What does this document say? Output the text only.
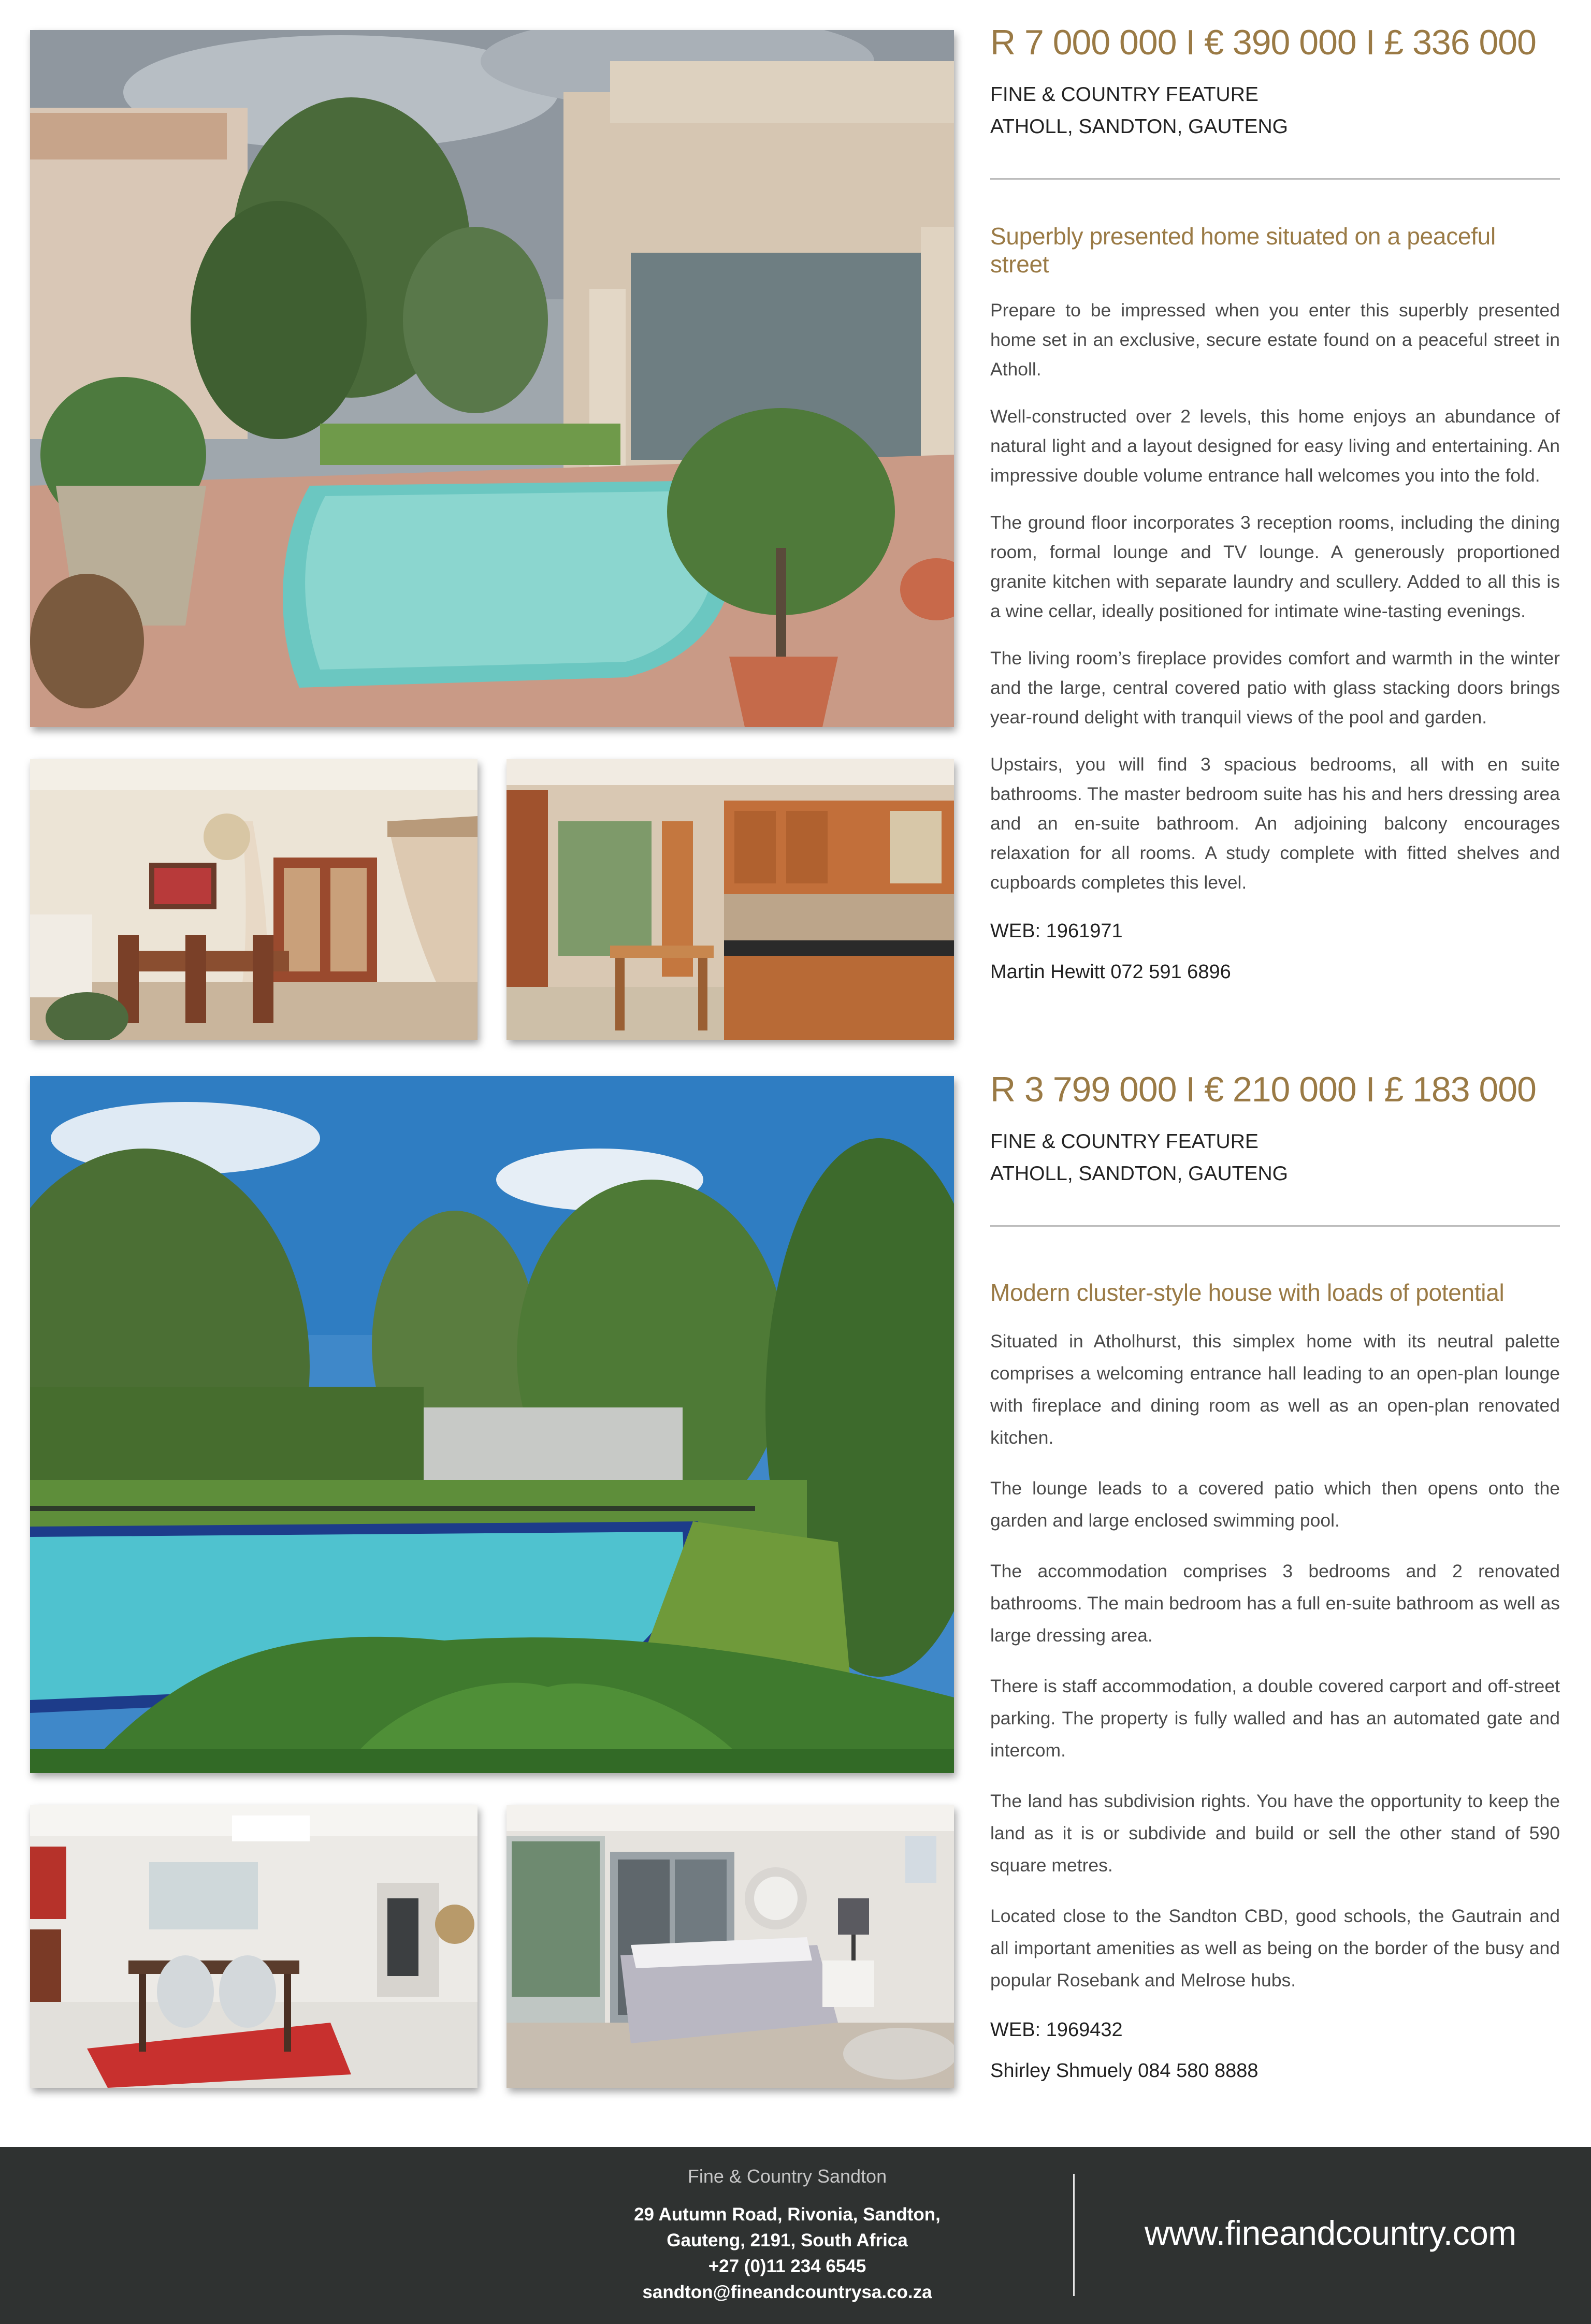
R 7 000 000 I € 390 000 I £ 336 000
FINE & COUNTRY FEATURE
ATHOLL, SANDTON, GAUTENG
Superbly presented home situated on a peaceful street

Prepare to be impressed when you enter this superbly presented home set in an exclusive, secure estate found on a peaceful street in Atholl.

Well-constructed over 2 levels, this home enjoys an abundance of natural light and a layout designed for easy living and entertaining. An impressive double volume entrance hall welcomes you into the fold.

The ground floor incorporates 3 reception rooms, including the dining room, formal lounge and TV lounge. A generously proportioned granite kitchen with separate laundry and scullery. Added to all this is a wine cellar, ideally positioned for intimate wine-tasting evenings.

The living room’s fireplace provides comfort and warmth in the winter and the large, central covered patio with glass stacking doors brings year-round delight with tranquil views of the pool and garden.

Upstairs, you will find 3 spacious bedrooms, all with en suite bathrooms. The master bedroom suite has his and hers dressing area and an en-suite bathroom. An adjoining balcony encourages relaxation for all rooms. A study complete with fitted shelves and cupboards completes this level.

WEB: 1961971
Martin Hewitt 072 591 6896
R 3 799 000 I € 210 000 I £ 183 000
FINE & COUNTRY FEATURE
ATHOLL, SANDTON, GAUTENG
Modern cluster-style house with loads of potential

Situated in Atholhurst, this simplex home with its neutral palette comprises a welcoming entrance hall leading to an open-plan lounge with fireplace and dining room as well as an open-plan renovated kitchen.

The lounge leads to a covered patio which then opens onto the garden and large enclosed swimming pool.

The accommodation comprises 3 bedrooms and 2 renovated bathrooms. The main bedroom has a full en-suite bathroom as well as large dressing area.

There is staff accommodation, a double covered carport and off-street parking. The property is fully walled and has an automated gate and intercom.

The land has subdivision rights. You have the opportunity to keep the land as it is or subdivide and build or sell the other stand of 590 square metres.

Located close to the Sandton CBD, good schools, the Gautrain and all important amenities as well as being on the border of the busy and popular Rosebank and Melrose hubs.

WEB: 1969432
Shirley Shmuely 084 580 8888
Fine & Country Sandton
29 Autumn Road, Rivonia, Sandton,
Gauteng, 2191, South Africa
+27 (0)11 234 6545
sandton@fineandcountrysa.co.za
www.fineandcountry.com
